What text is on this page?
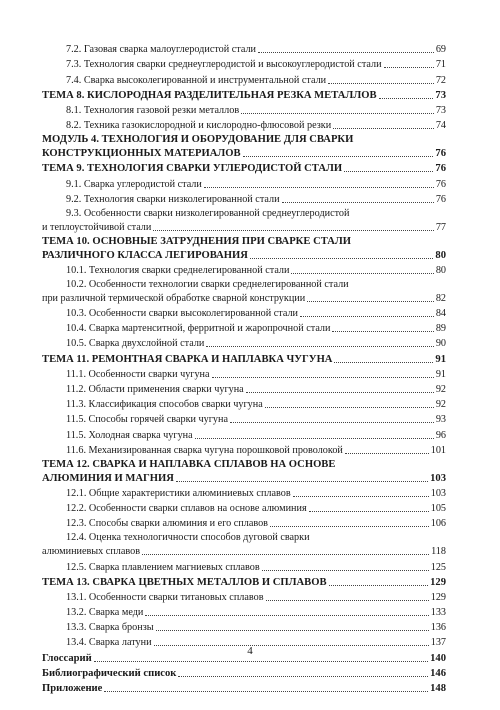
7.2. Газовая сварка малоуглеродистой стали	69
7.3. Технология сварки среднеуглеродистой и высокоуглеродистой стали	71
7.4. Сварка высоколегированной и инструментальной стали	72
ТЕМА 8. КИСЛОРОДНАЯ РАЗДЕЛИТЕЛЬНАЯ РЕЗКА МЕТАЛЛОВ	73
8.1. Технология газовой резки металлов	73
8.2. Техника газокислородной и кислородно-флюсовой резки	74
МОДУЛЬ 4. ТЕХНОЛОГИЯ И ОБОРУДОВАНИЕ ДЛЯ СВАРКИ
КОНСТРУКЦИОННЫХ МАТЕРИАЛОВ	76
ТЕМА 9. ТЕХНОЛОГИЯ СВАРКИ УГЛЕРОДИСТОЙ СТАЛИ	76
9.1. Сварка углеродистой стали	76
9.2. Технология сварки низколегированной стали	76
9.3. Особенности сварки низколегированной среднеуглеродистой
и теплоустойчивой стали	77
ТЕМА 10. ОСНОВНЫЕ ЗАТРУДНЕНИЯ ПРИ СВАРКЕ СТАЛИ
РАЗЛИЧНОГО КЛАССА ЛЕГИРОВАНИЯ	80
10.1. Технология сварки среднелегированной стали	80
10.2. Особенности технологии сварки среднелегированной стали
при различной термической обработке сварной конструкции	82
10.3. Особенности сварки высоколегированной стали	84
10.4. Сварка мартенситной, ферритной и жаропрочной стали	89
10.5. Сварка двухслойной стали	90
ТЕМА 11. РЕМОНТНАЯ СВАРКА И НАПЛАВКА ЧУГУНА	91
11.1. Особенности сварки чугуна	91
11.2. Области применения сварки чугуна	92
11.3. Классификация способов сварки чугуна	92
11.5. Способы горячей сварки чугуна	93
11.5. Холодная сварка чугуна	96
11.6. Механизированная сварка чугуна порошковой проволокой	101
ТЕМА 12. СВАРКА И НАПЛАВКА СПЛАВОВ НА ОСНОВЕ
АЛЮМИНИЯ И МАГНИЯ	103
12.1. Общие характеристики алюминиевых сплавов	103
12.2. Особенности сварки сплавов на основе алюминия	105
12.3. Способы сварки алюминия и его сплавов	106
12.4. Оценка технологичности способов дуговой сварки
алюминиевых сплавов	118
12.5. Сварка плавлением магниевых сплавов	125
ТЕМА 13. СВАРКА ЦВЕТНЫХ МЕТАЛЛОВ И СПЛАВОВ	129
13.1. Особенности сварки титановых сплавов	129
13.2. Сварка меди	133
13.3. Сварка бронзы	136
13.4. Сварка латуни	137
Глоссарий	140
Библиографический список	146
Приложение	148
4
